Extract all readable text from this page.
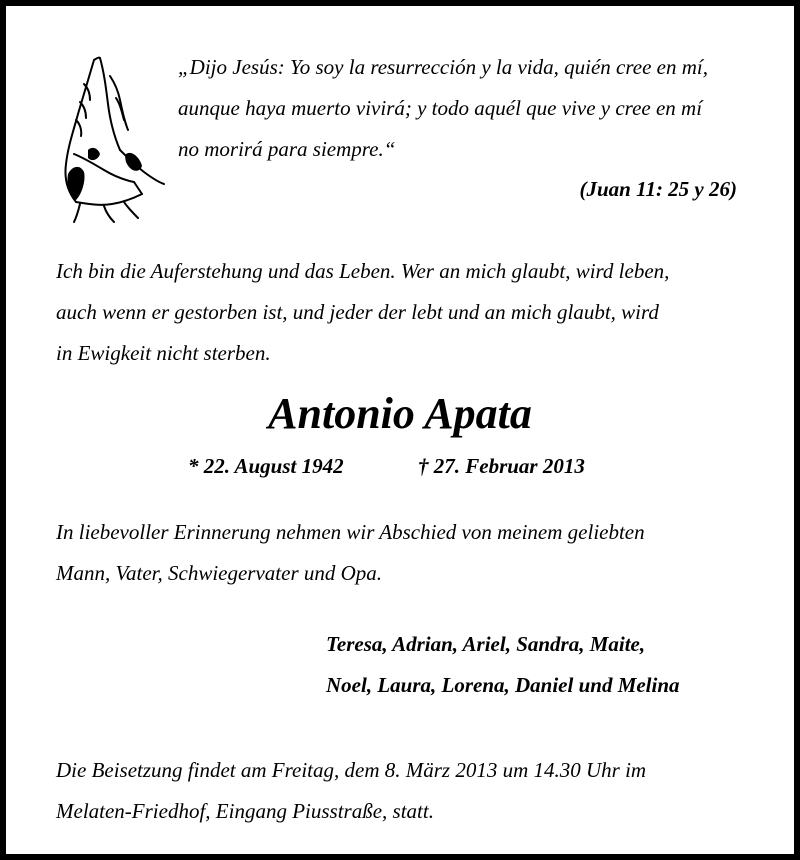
„Dijo Jesús: Yo soy la resurrección y la vida, quién cree en mí,
aunque haya muerto vivirá; y todo aquél que vive y cree en mí
no morirá para siempre.“
(Juan 11: 25 y 26)
Ich bin die Auferstehung und das Leben. Wer an mich glaubt, wird leben,
auch wenn er gestorben ist, und jeder der lebt und an mich glaubt, wird
in Ewigkeit nicht sterben.
Antonio Apata
* 22. August 1942	† 27. Februar 2013
In liebevoller Erinnerung nehmen wir Abschied von meinem geliebten
Mann, Vater, Schwiegervater und Opa.
Teresa, Adrian, Ariel, Sandra, Maite,
Noel, Laura, Lorena, Daniel und Melina
Die Beisetzung findet am Freitag, dem 8. März 2013 um 14.30 Uhr im
Melaten-Friedhof, Eingang Piusstraße, statt.
